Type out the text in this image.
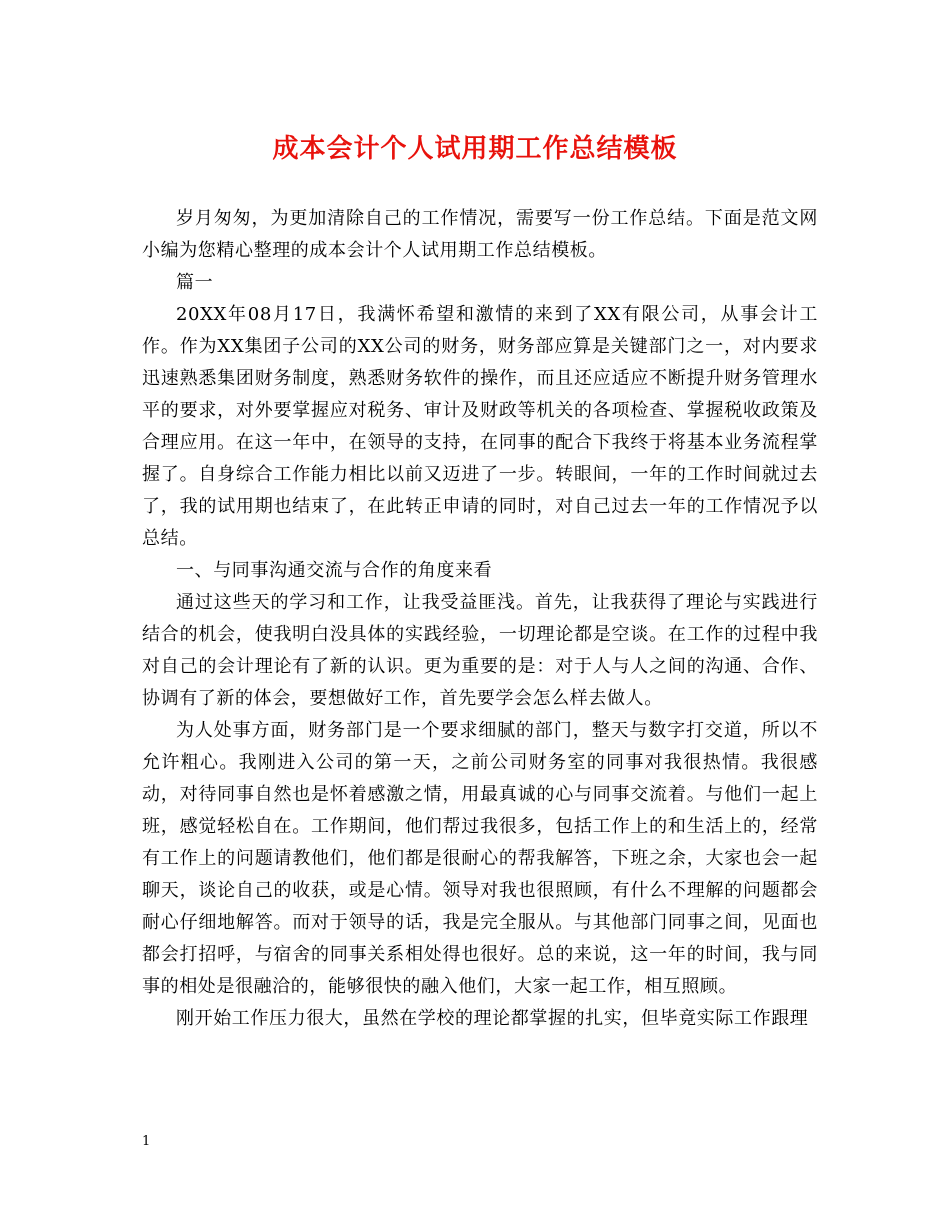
成本会计个人试用期工作总结模板

岁月匆匆，为更加清除自己的工作情况，需要写一份工作总结。下面是范文网小编为您精心整理的成本会计个人试用期工作总结模板。

篇一

20XX年08月17日，我满怀希望和激情的来到了XX有限公司，从事会计工作。作为XX集团子公司的XX公司的财务，财务部应算是关键部门之一，对内要求迅速熟悉集团财务制度，熟悉财务软件的操作，而且还应适应不断提升财务管理水平的要求，对外要掌握应对税务、审计及财政等机关的各项检查、掌握税收政策及合理应用。在这一年中，在领导的支持，在同事的配合下我终于将基本业务流程掌握了。自身综合工作能力相比以前又迈进了一步。转眼间，一年的工作时间就过去了，我的试用期也结束了，在此转正申请的同时，对自己过去一年的工作情况予以总结。

一、与同事沟通交流与合作的角度来看

通过这些天的学习和工作，让我受益匪浅。首先，让我获得了理论与实践进行结合的机会，使我明白没具体的实践经验，一切理论都是空谈。在工作的过程中我对自己的会计理论有了新的认识。更为重要的是：对于人与人之间的沟通、合作、协调有了新的体会，要想做好工作，首先要学会怎么样去做人。

为人处事方面，财务部门是一个要求细腻的部门，整天与数字打交道，所以不允许粗心。我刚进入公司的第一天，之前公司财务室的同事对我很热情。我很感动，对待同事自然也是怀着感激之情，用最真诚的心与同事交流着。与他们一起上班，感觉轻松自在。工作期间，他们帮过我很多，包括工作上的和生活上的，经常有工作上的问题请教他们，他们都是很耐心的帮我解答，下班之余，大家也会一起聊天，谈论自己的收获，或是心情。领导对我也很照顾，有什么不理解的问题都会耐心仔细地解答。而对于领导的话，我是完全服从。与其他部门同事之间，见面也都会打招呼，与宿舍的同事关系相处得也很好。总的来说，这一年的时间，我与同事的相处是很融洽的，能够很快的融入他们，大家一起工作，相互照顾。

刚开始工作压力很大，虽然在学校的理论都掌握的扎实，但毕竟实际工作跟理

1
